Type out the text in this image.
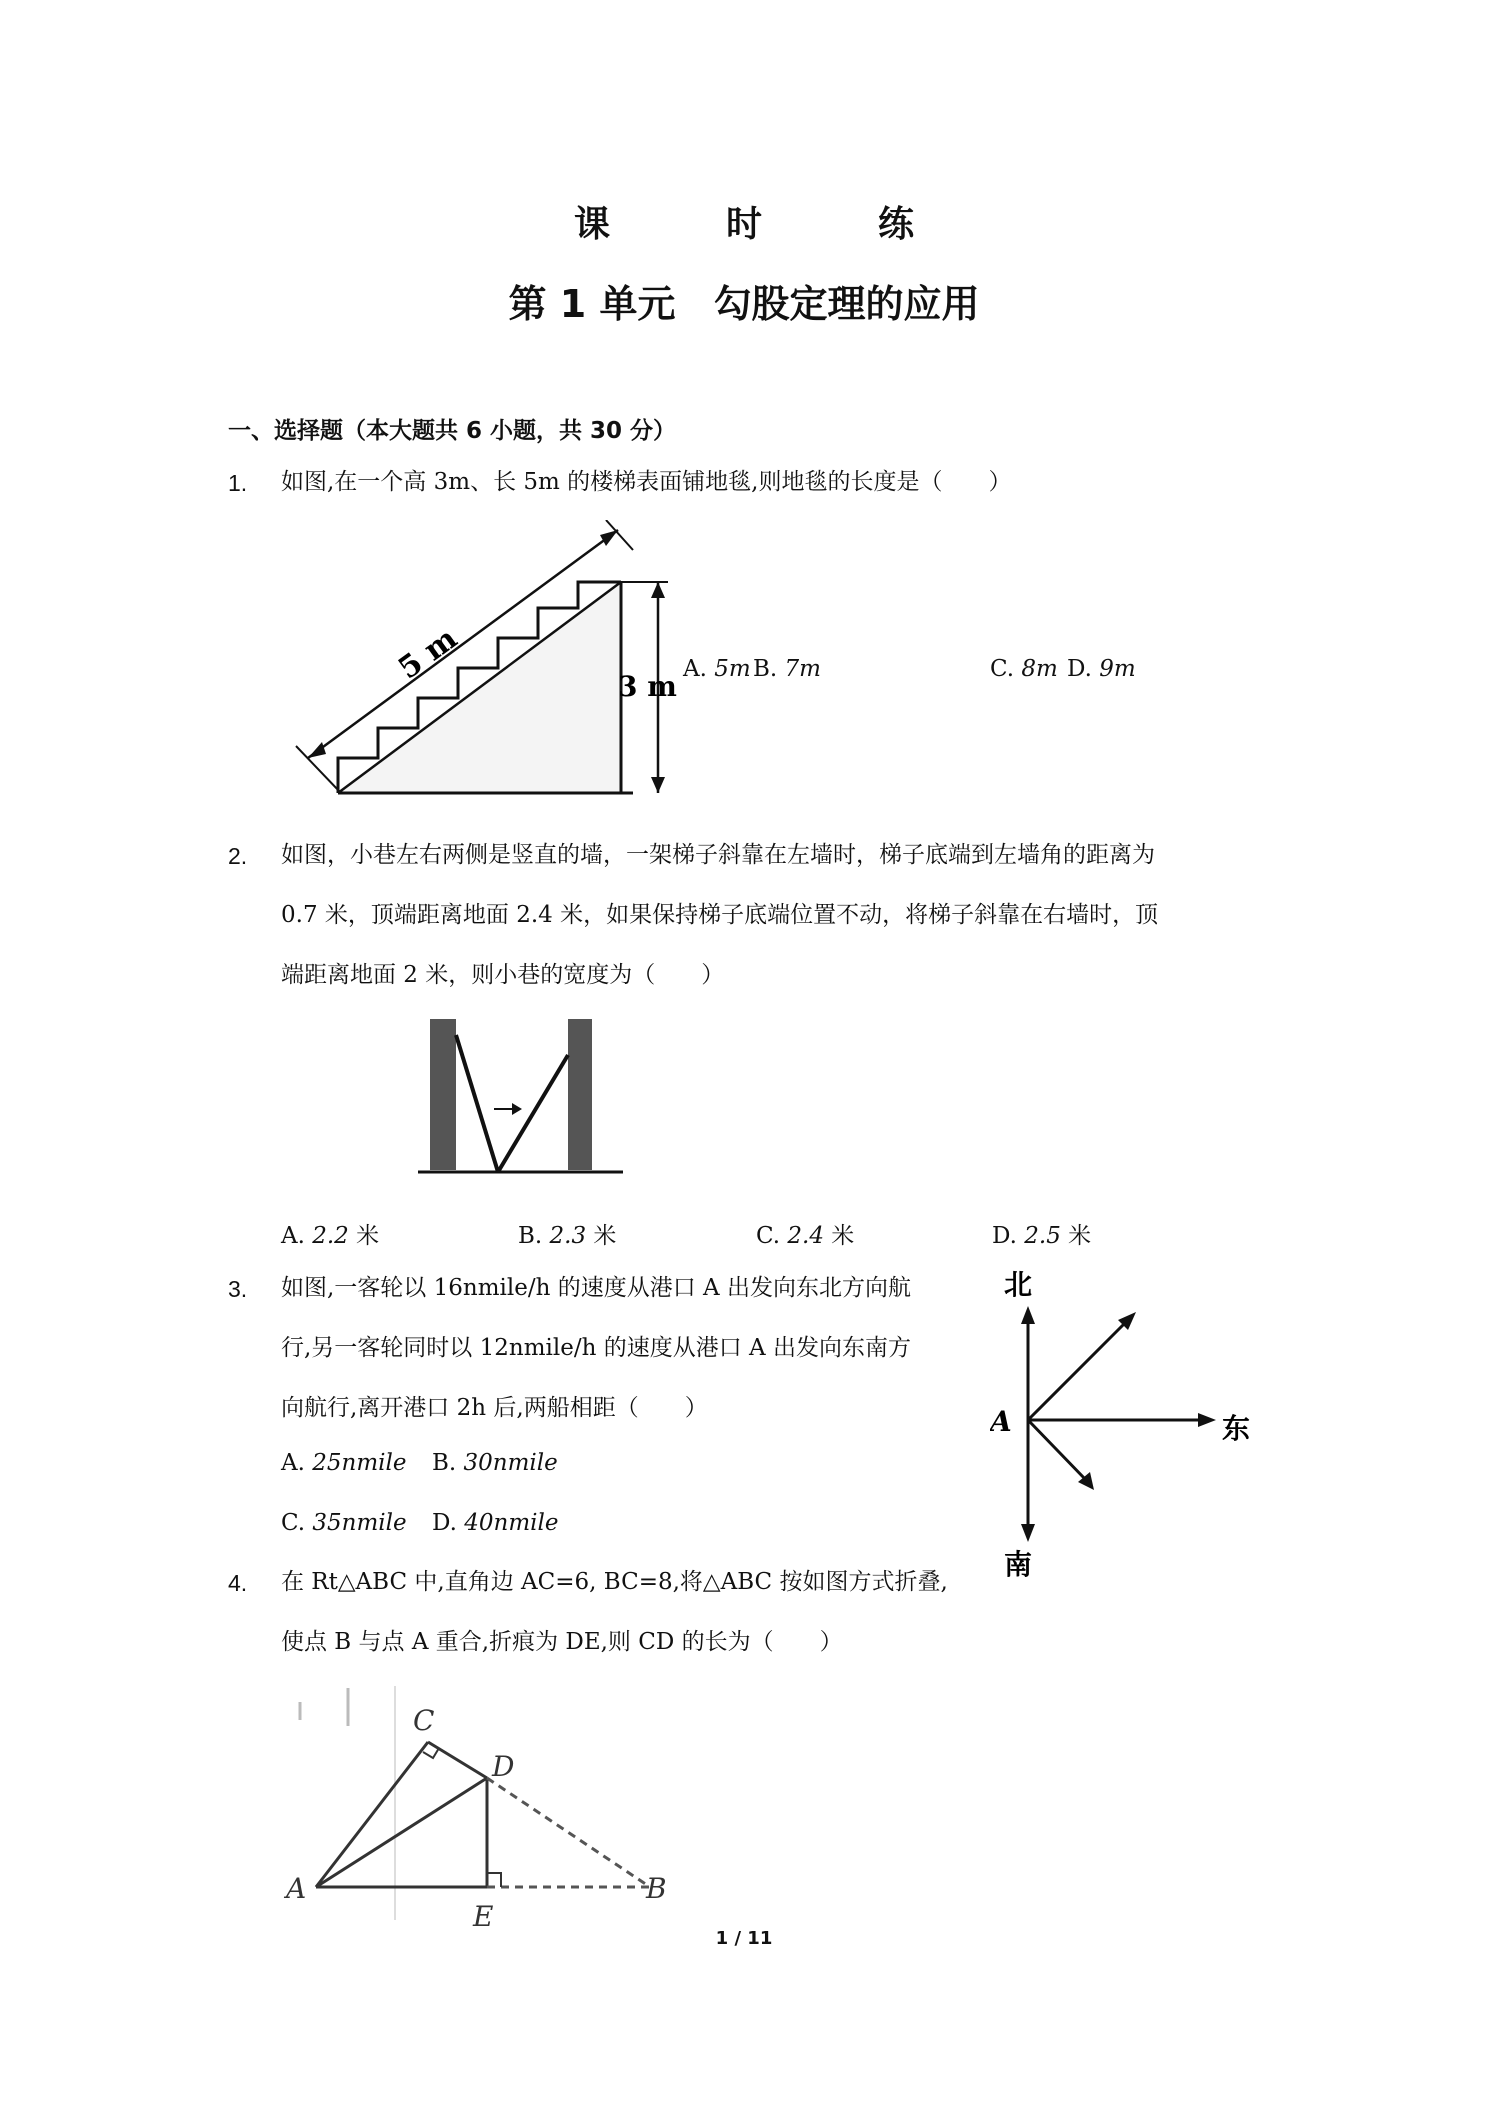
课　时　练
第 1 单元　勾股定理的应用
一、选择题（本大题共 6 小题，共 30 分）
1. 如图,在一个高 3m、长 5m 的楼梯表面铺地毯,则地毯的长度是（　　）
5 m
3 m
A. 5m B. 7m	C. 8m D. 9m
2. 如图，小巷左右两侧是竖直的墙，一架梯子斜靠在左墙时，梯子底端到左墙角的距离为
0.7 米，顶端距离地面 2.4 米，如果保持梯子底端位置不动，将梯子斜靠在右墙时，顶
端距离地面 2 米，则小巷的宽度为（　　）
A. 2.2 米	B. 2.3 米	C. 2.4 米	D. 2.5 米
3. 如图,一客轮以 16nmile/h 的速度从港口 A 出发向东北方向航
行,另一客轮同时以 12nmile/h 的速度从港口 A 出发向东南方
向航行,离开港口 2h 后,两船相距（　　）
A. 25nmile B. 30nmile
C. 35nmile D. 40nmile
北
南
东
A
4. 在 Rt△ABC 中,直角边 AC=6, BC=8,将△ABC 按如图方式折叠,
使点 B 与点 A 重合,折痕为 DE,则 CD 的长为（　　）
A	B
C
D
E
1 / 11
